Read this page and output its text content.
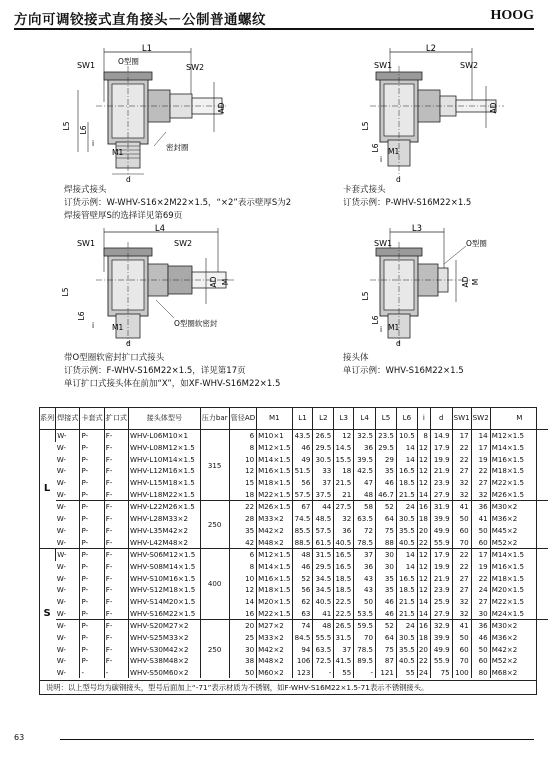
方向可调铰接式直角接头－公制普通螺纹	HOOG
L1
SW1	O型圈
SW2
L5 L6
i
AD
M1
d
密封圈
L2
SW1	SW2
L5
L6
i
AD
M1
d
焊接式接头
订货示例：W-WHV-S16×2M22×1.5，“×2”表示壁厚S为2
焊接管壁厚S的选择详见第69页
卡套式接头
订货示例：P-WHV-S16M22×1.5
L4
SW1	SW2
L5
L6
i
AD M
M1
d
O型圈软密封
L3
SW1	O型圈
L5
L6
i
AD M
M1
d
带O型圈软密封扩口式接头
订货示例：F-WHV-S16M22×1.5，详见第17页
单订扩口式接头体在前加“X”，如XF-WHV-S16M22×1.5
接头体
单订示例：WHV-S16M22×1.5
系列	焊接式	卡套式	扩口式	接头体型号	压力bar	管径AD	M1	L1	L2	L3	L4	L5	L6	i	d	SW1	SW2	M
L	W-	P-	F-	WHV-L06M10×1	315	6	M10×1	43.5	26.5	12	32.5	23.5	10.5	8	14.9	17	14	M12×1.5
	W-	P-	F-	WHV-L08M12×1.5		8	M12×1.5	46	29.5	14.5	36	29.5	14	12	17.9	22	17	M14×1.5
	W-	P-	F-	WHV-L10M14×1.5		10	M14×1.5	49	30.5	15.5	39.5	29	14	12	19.9	22	19	M16×1.5
	W-	P-	F-	WHV-L12M16×1.5		12	M16×1.5	51.5	33	18	42.5	35	16.5	12	21.9	27	22	M18×1.5
	W-	P-	F-	WHV-L15M18×1.5		15	M18×1.5	56	37	21.5	47	46	18.5	12	23.9	32	27	M22×1.5
	W-	P-	F-	WHV-L18M22×1.5		18	M22×1.5	57.5	37.5	21	48	46.7	21.5	14	27.9	32	32	M26×1.5
	W-	P-	F-	WHV-L22M26×1.5	250	22	M26×1.5	67	44	27.5	58	52	24	16	31.9	41	36	M30×2
	W-	P-	F-	WHV-L28M33×2		28	M33×2	74.5	48.5	32	63.5	64	30.5	18	39.9	50	41	M36×2
	W-	P-	F-	WHV-L35M42×2		35	M42×2	85.5	57.5	36	72	75	35.5	20	49.9	60	50	M45×2
	W-	P-	F-	WHV-L42M48×2		42	M48×2	88.5	61.5	40.5	78.5	88	40.5	22	55.9	70	60	M52×2
S	W-	P-	F-	WHV-S06M12×1.5	400	6	M12×1.5	48	31.5	16.5	37	30	14	12	17.9	22	17	M14×1.5
	W-	P-	F-	WHV-S08M14×1.5		8	M14×1.5	46	29.5	16.5	36	30	14	12	19.9	22	19	M16×1.5
	W-	P-	F-	WHV-S10M16×1.5		10	M16×1.5	52	34.5	18.5	43	35	16.5	12	21.9	27	22	M18×1.5
	W-	P-	F-	WHV-S12M18×1.5		12	M18×1.5	56	34.5	18.5	43	35	18.5	12	23.9	27	24	M20×1.5
	W-	P-	F-	WHV-S14M20×1.5		14	M20×1.5	62	40.5	22.5	50	46	21.5	14	25.9	32	27	M22×1.5
	W-	P-	F-	WHV-S16M22×1.5		16	M22×1.5	63	41	22.5	53.5	46	21.5	14	27.9	32	30	M24×1.5
	W-	P-	F-	WHV-S20M27×2	250	20	M27×2	74	48	26.5	59.5	52	24	16	32.9	41	36	M30×2
	W-	P-	F-	WHV-S25M33×2		25	M33×2	84.5	55.5	31.5	70	64	30.5	18	39.9	50	46	M36×2
	W-	P-	F-	WHV-S30M42×2		30	M42×2	94	63.5	37	78.5	75	35.5	20	49.9	60	50	M42×2
	W-	P-	F-	WHV-S38M48×2		38	M48×2	106	72.5	41.5	89.5	87	40.5	22	55.9	70	60	M52×2
	W-	-	-	WHV-S50M60×2		50	M60×2	123	-	55	-	121	55	24	75	100	80	M68×2
说明：以上型号均为碳钢接头，型号后面加上“-71”表示材质为不锈钢，如F-WHV-S16M22×1.5-71表示不锈钢接头。
63
